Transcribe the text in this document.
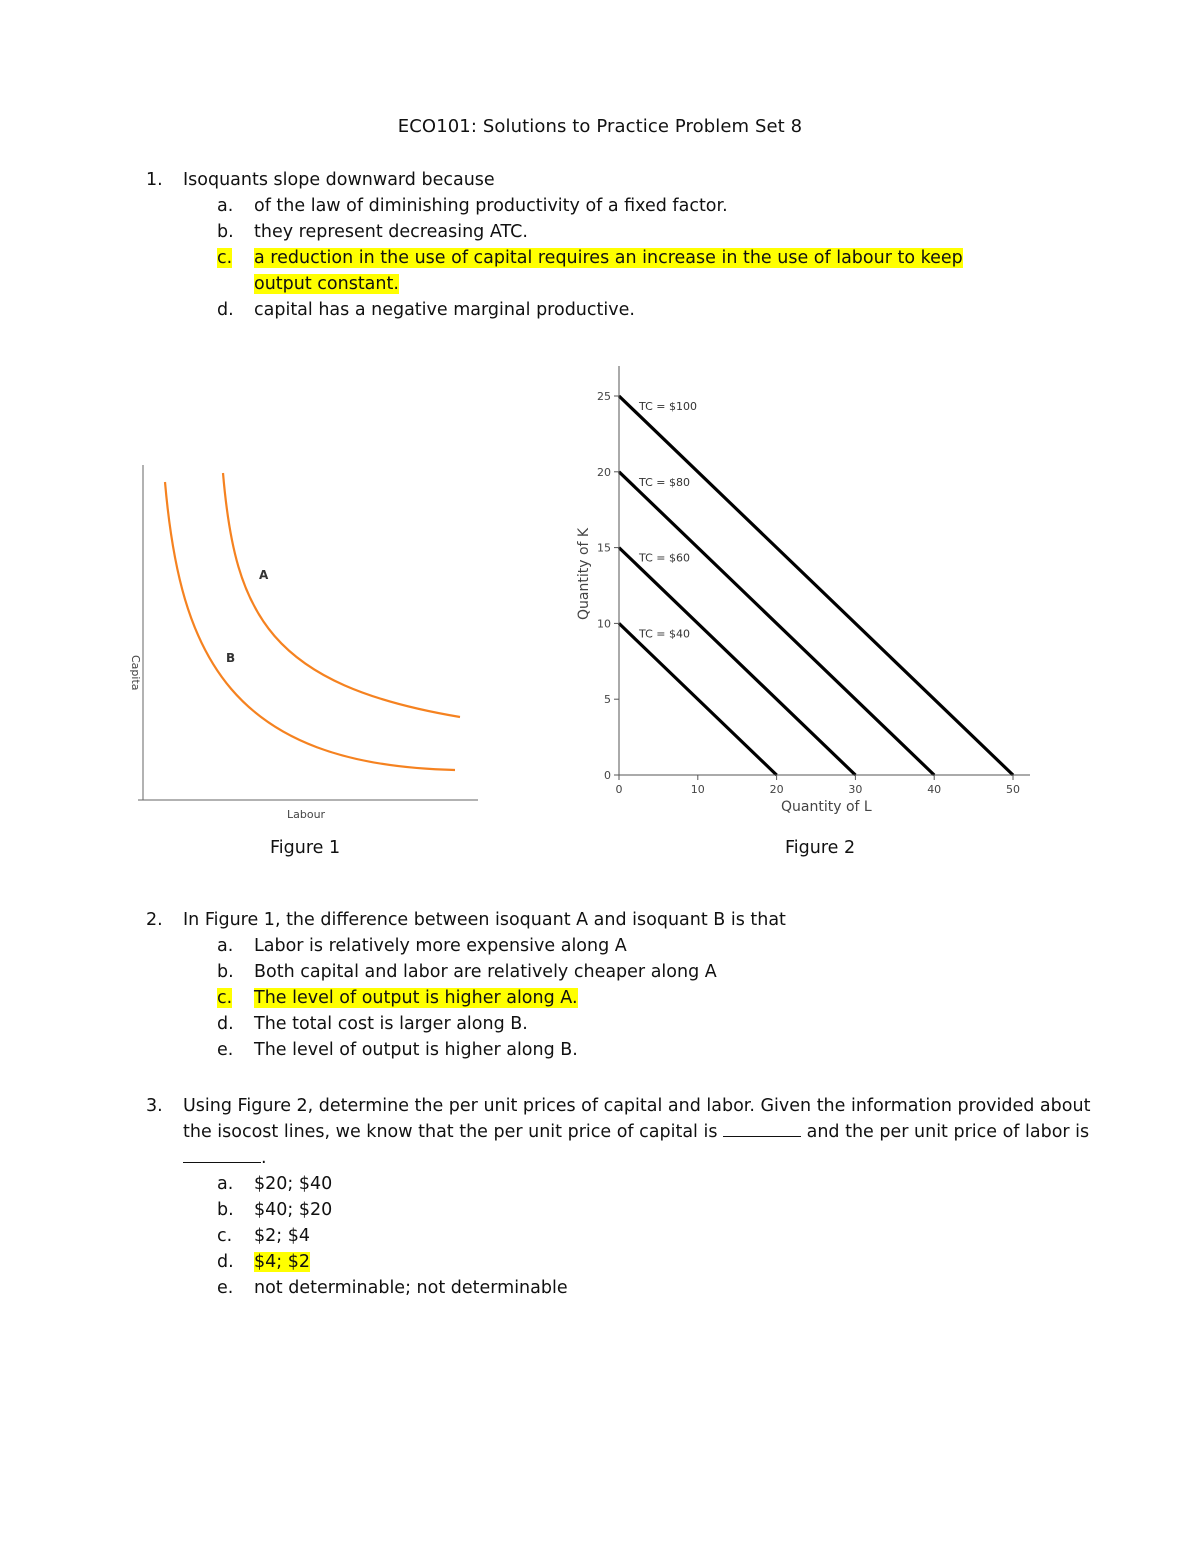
ECO101: Solutions to Practice Problem Set 8
1.	Isoquants slope downward because
a.	of the law of diminishing productivity of a fixed factor.
b.	they represent decreasing ATC.
c.	a reduction in the use of capital requires an increase in the use of labour to keep output constant.
d.	capital has a negative marginal productive.
A
B
Labour
Capita
TC = $40
TC = $60
TC = $80
TC = $100
0	10	20	30	40	50
0
5
10
15
20
25
Quantity of L
Quantity of K
Figure 1	Figure 2
2.	In Figure 1, the difference between isoquant A and isoquant B is that
a.	Labor is relatively more expensive along A
b.	Both capital and labor are relatively cheaper along A
c.	The level of output is higher along A.
d.	The total cost is larger along B.
e.	The level of output is higher along B.
3.	Using Figure 2, determine the per unit prices of capital and labor. Given the information provided about the isocost lines, we know that the per unit price of capital is	and the per unit price of labor is
.
a.	$20; $40
b.	$40; $20
c.	$2; $4
d.	$4; $2
e.	not determinable; not determinable
